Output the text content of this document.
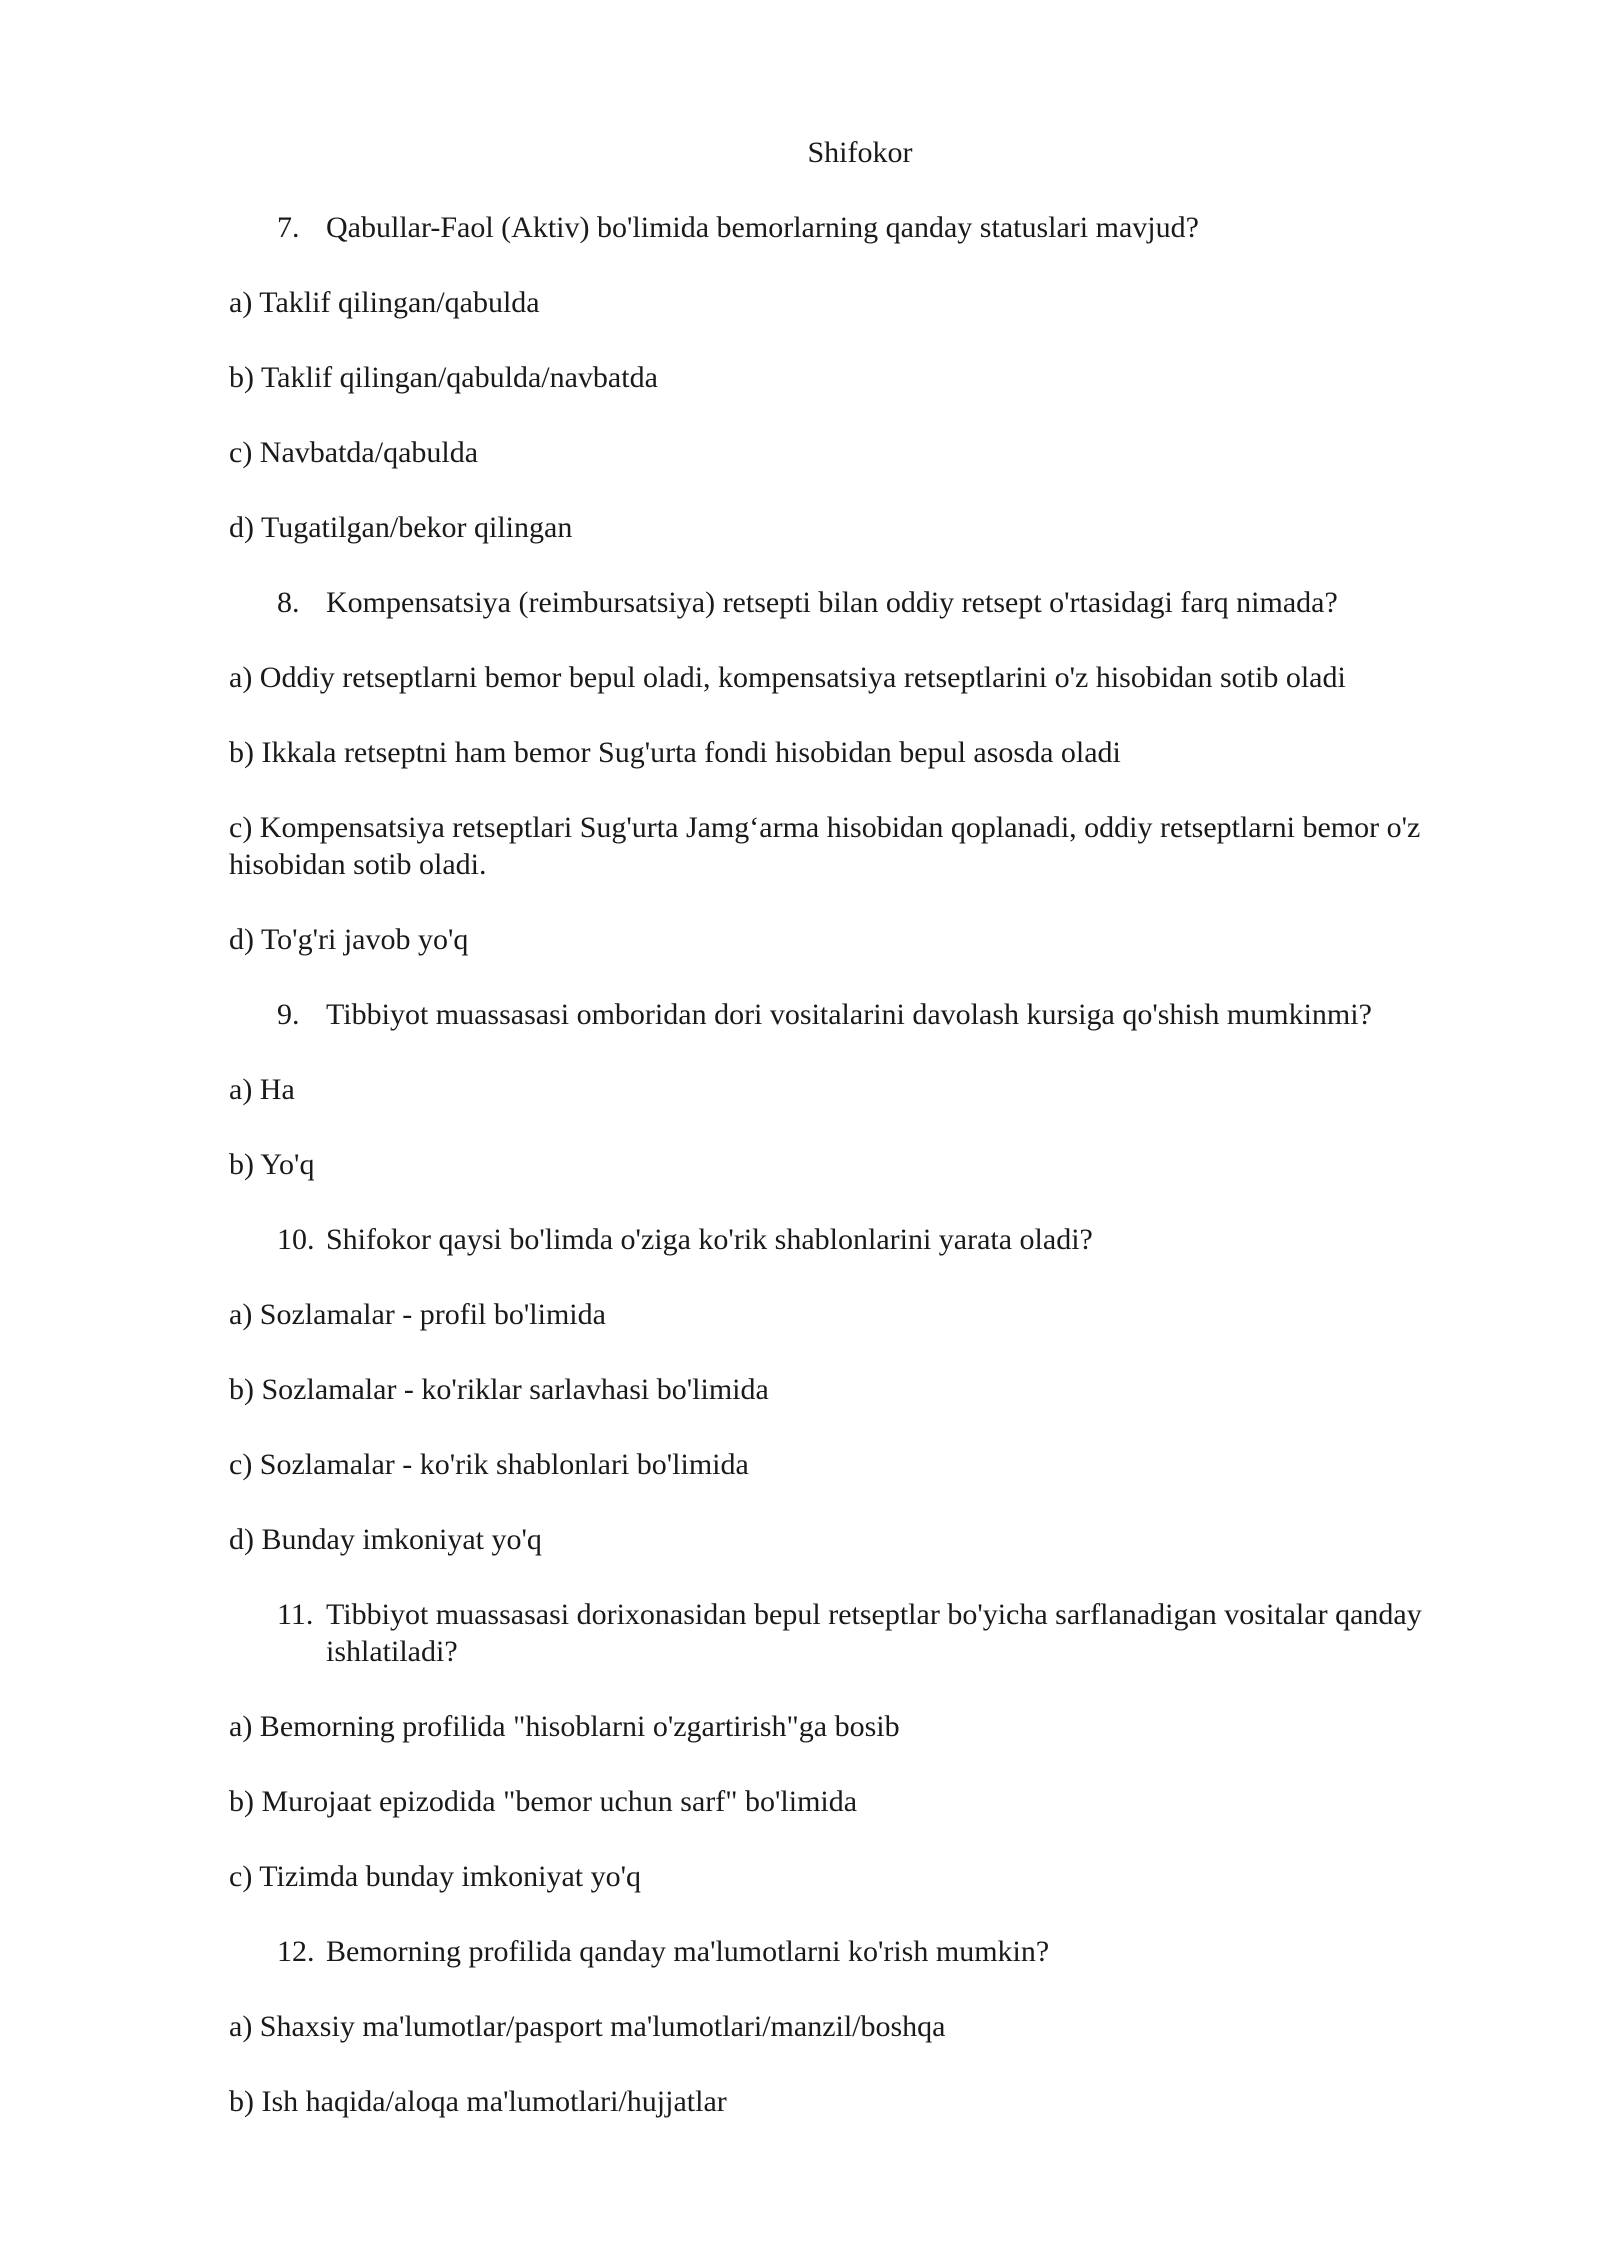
Shifokor
7. Qabullar-Faol (Aktiv) bo'limida bemorlarning qanday statuslari mavjud?

a) Taklif qilingan/qabulda

b) Taklif qilingan/qabulda/navbatda

c) Navbatda/qabulda

d) Tugatilgan/bekor qilingan

8. Kompensatsiya (reimbursatsiya) retsepti bilan oddiy retsept o'rtasidagi farq nimada?

a) Oddiy retseptlarni bemor bepul oladi, kompensatsiya retseptlarini o'z hisobidan sotib oladi

b) Ikkala retseptni ham bemor Sug'urta fondi hisobidan bepul asosda oladi

c) Kompensatsiya retseptlari Sug'urta Jamg‘arma hisobidan qoplanadi, oddiy retseptlarni bemor o'z hisobidan sotib oladi.

d) To'g'ri javob yo'q

9. Tibbiyot muassasasi omboridan dori vositalarini davolash kursiga qo'shish mumkinmi?

a) Ha

b) Yo'q

10. Shifokor qaysi bo'limda o'ziga ko'rik shablonlarini yarata oladi?

a) Sozlamalar - profil bo'limida

b) Sozlamalar - ko'riklar sarlavhasi bo'limida

c) Sozlamalar - ko'rik shablonlari bo'limida

d) Bunday imkoniyat yo'q

11. Tibbiyot muassasasi dorixonasidan bepul retseptlar bo'yicha sarflanadigan vositalar qanday ishlatiladi?

a) Bemorning profilida "hisoblarni o'zgartirish"ga bosib

b) Murojaat epizodida "bemor uchun sarf" bo'limida

c) Tizimda bunday imkoniyat yo'q

12. Bemorning profilida qanday ma'lumotlarni ko'rish mumkin?

a) Shaxsiy ma'lumotlar/pasport ma'lumotlari/manzil/boshqa

b) Ish haqida/aloqa ma'lumotlari/hujjatlar
